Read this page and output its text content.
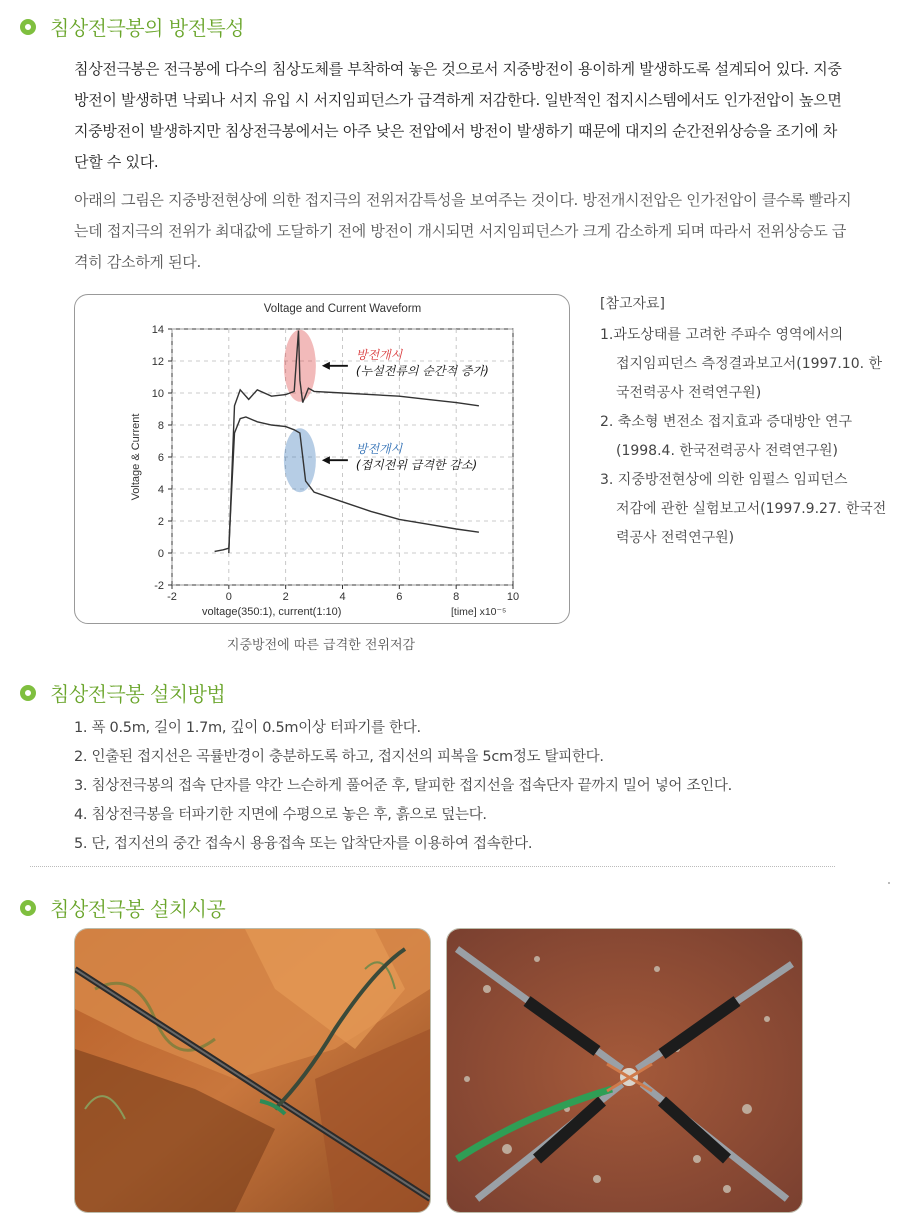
침상전극봉의 방전특성
침상전극봉은 전극봉에 다수의 침상도체를 부착하여 놓은 것으로서 지중방전이 용이하게 발생하도록 설계되어 있다. 지중
방전이 발생하면 낙뢰나 서지 유입 시 서지임피던스가 급격하게 저감한다. 일반적인 접지시스템에서도 인가전압이 높으면
지중방전이 발생하지만 침상전극봉에서는 아주 낮은 전압에서 방전이 발생하기 때문에 대지의 순간전위상승을 조기에 차
단할 수 있다.
아래의 그림은 지중방전현상에 의한 접지극의 전위저감특성을 보여주는 것이다. 방전개시전압은 인가전압이 클수록 빨라지
는데 접지극의 전위가 최대값에 도달하기 전에 방전이 개시되면 서지임피던스가 크게 감소하게 되며 따라서 전위상승도 급
격히 감소하게 된다.
-2
0
2
4
6
8
10
12
14
-2	0	2	4	6	8	10
Voltage and Current Waveform
Voltage & Current
voltage(350:1), current(1:10)	[time] x10⁻⁵
방전개시
(누설전류의 순간적 증가)
방전개시
(접지전위 급격한 감소)
지중방전에 따른 급격한 전위저감
[참고자료]
1.과도상태를 고려한 주파수 영역에서의
접지임피던스 측정결과보고서(1997.10. 한
국전력공사 전력연구원)
2. 축소형 변전소 접지효과 증대방안 연구
(1998.4. 한국전력공사 전력연구원)
3. 지중방전현상에 의한 임펄스 임피던스
저감에 관한 실험보고서(1997.9.27. 한국전
력공사 전력연구원)
침상전극봉 설치방법
1. 폭 0.5m, 길이 1.7m, 깊이 0.5m이상 터파기를 한다.
2. 인출된 접지선은 곡률반경이 충분하도록 하고, 접지선의 피복을 5cm정도 탈피한다.
3. 침상전극봉의 접속 단자를 약간 느슨하게 풀어준 후, 탈피한 접지선을 접속단자 끝까지 밀어 넣어 조인다.
4. 침상전극봉을 터파기한 지면에 수평으로 놓은 후, 흙으로 덮는다.
5. 단, 접지선의 중간 접속시 용융접속 또는 압착단자를 이용하여 접속한다.
침상전극봉 설치시공
